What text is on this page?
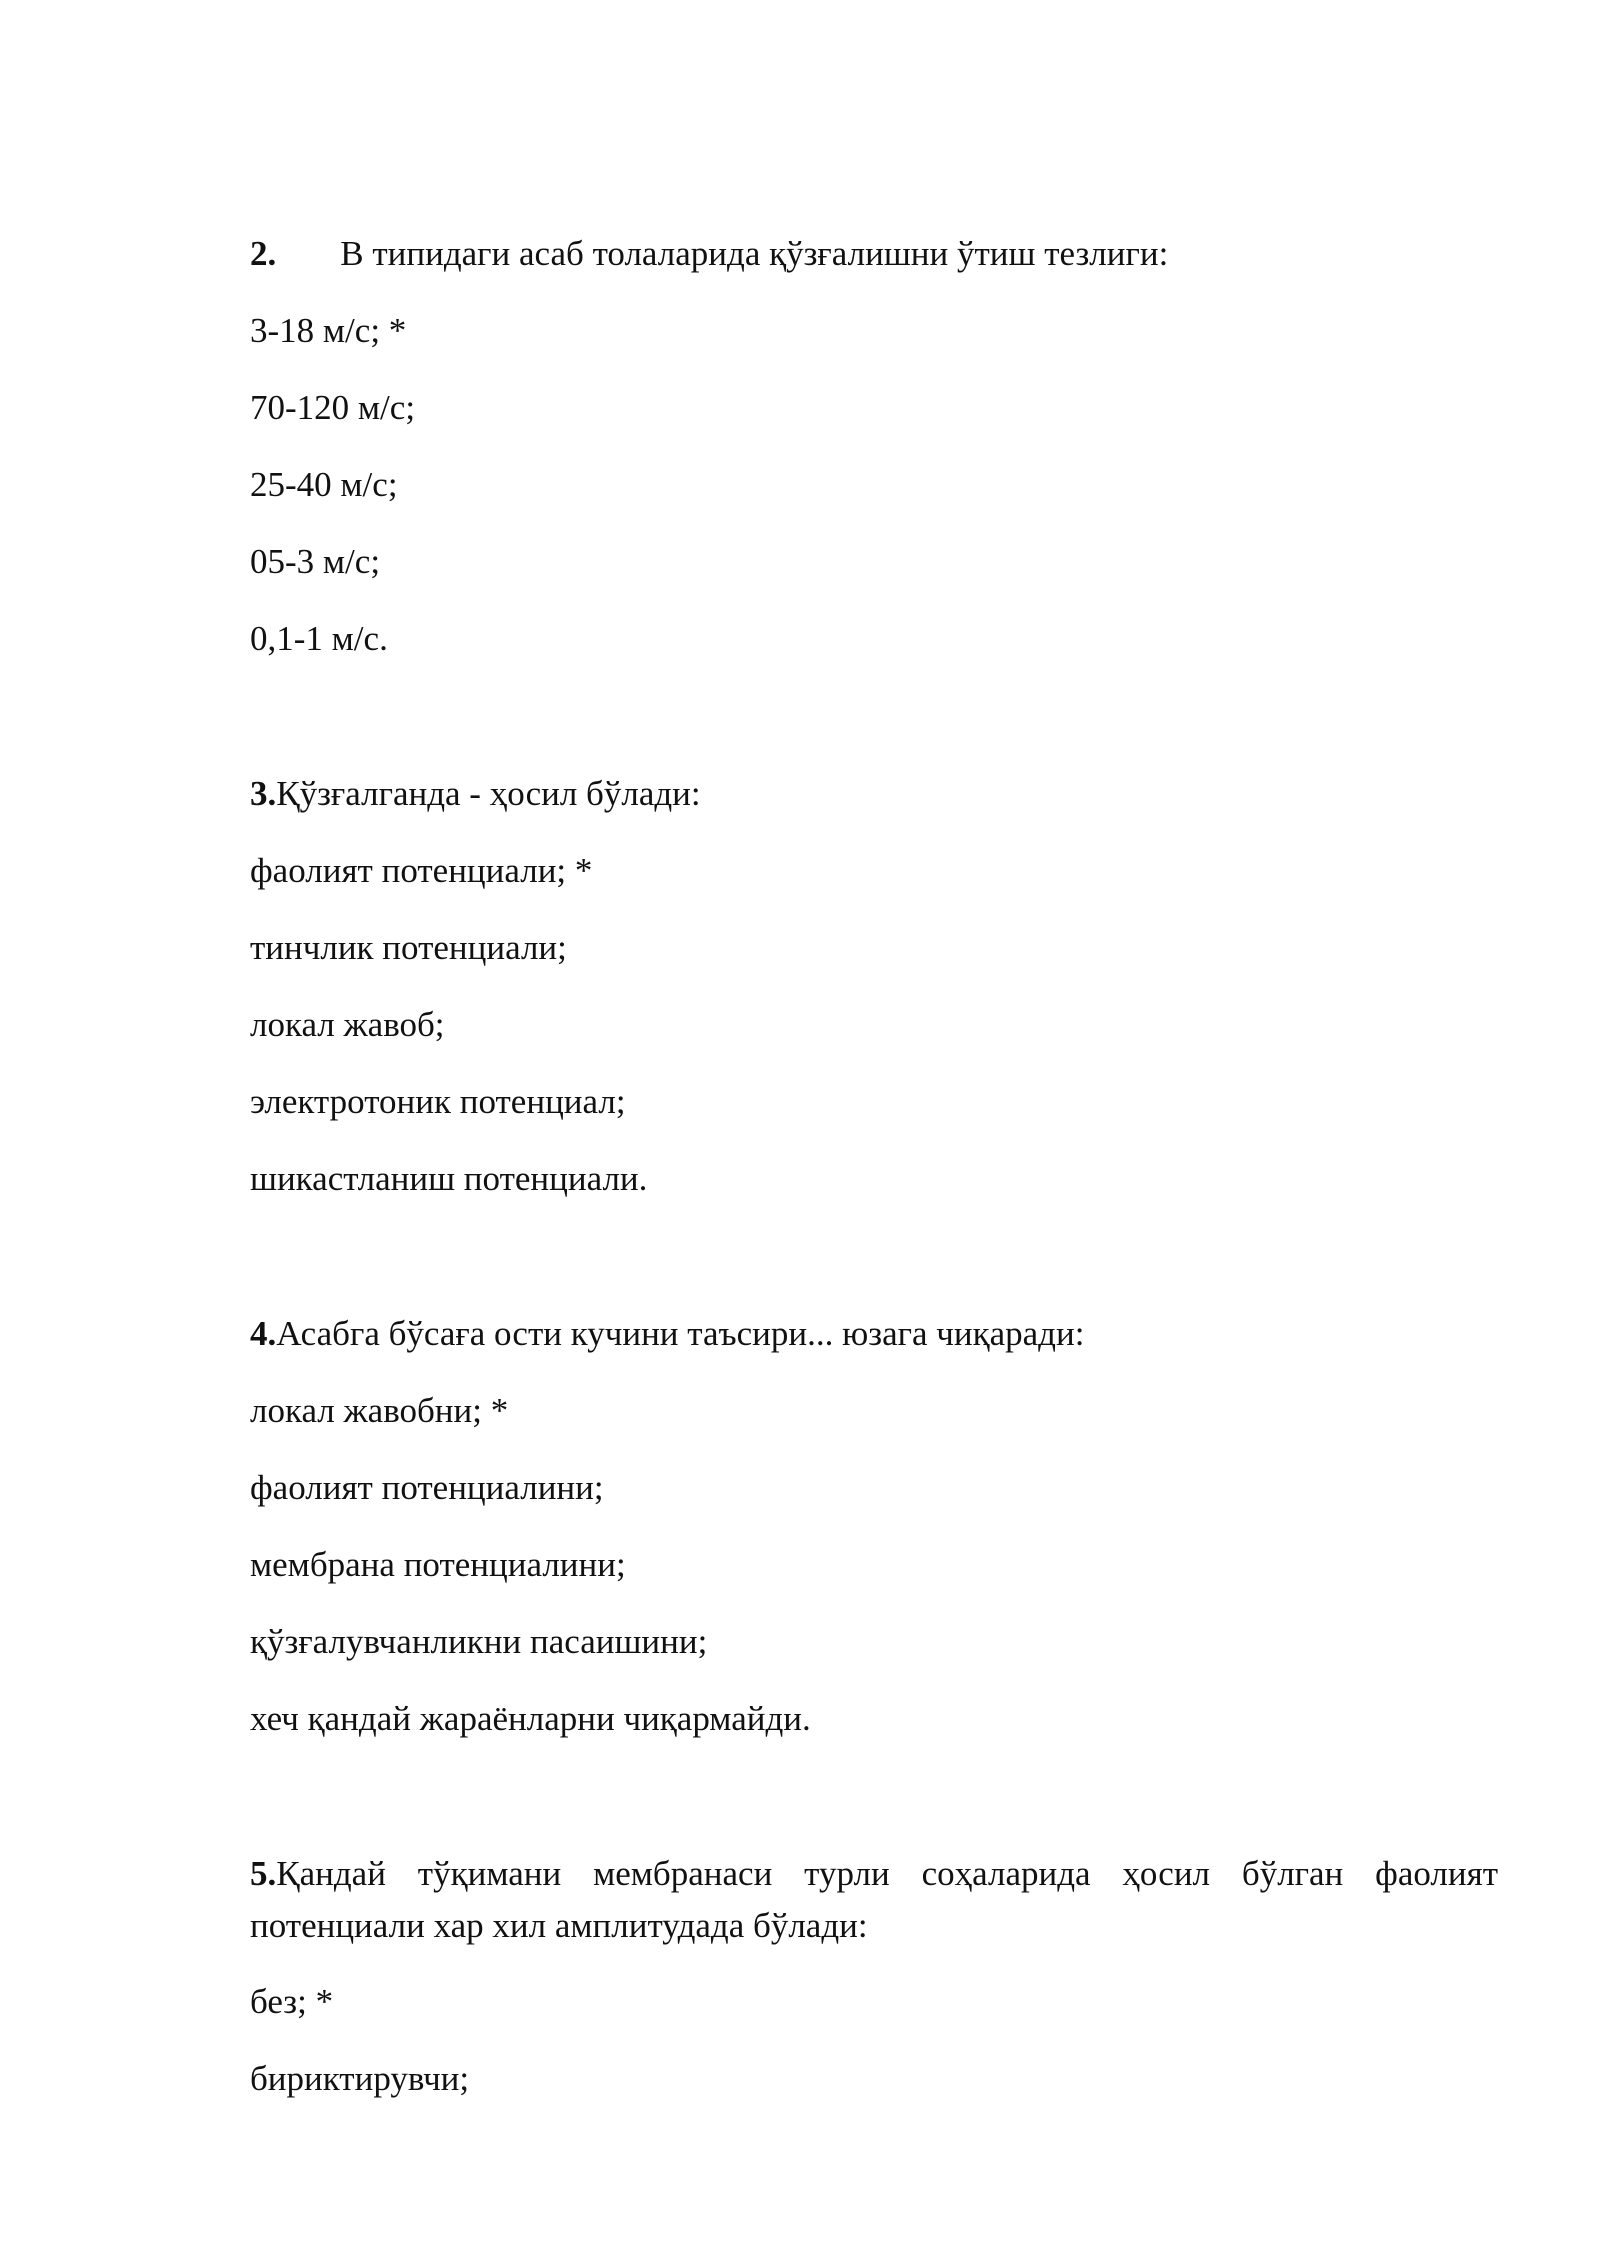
2. В типидаги асаб толаларида қўзғалишни ўтиш тезлиги:
3-18 м/с; *
70-120 м/с;
25-40 м/с;
05-3 м/с;
0,1-1 м/с.
3.Қўзғалганда - ҳосил бўлади:
фаолият потенциали; *
тинчлик потенциали;
локал жавоб;
электротоник потенциал;
шикастланиш потенциали.
4.Асабга бўсаға ости кучини таъсири... юзага чиқаради:
локал жавобни; *
фаолият потенциалини;
мембрана потенциалини;
қўзғалувчанликни пасаишини;
хеч қандай жараёнларни чиқармайди.
5.Қандай тўқимани мембранаси турли соҳаларида ҳосил бўлган фаолият потенциали хар хил амплитудада бўлади:
без; *
бириктирувчи;
